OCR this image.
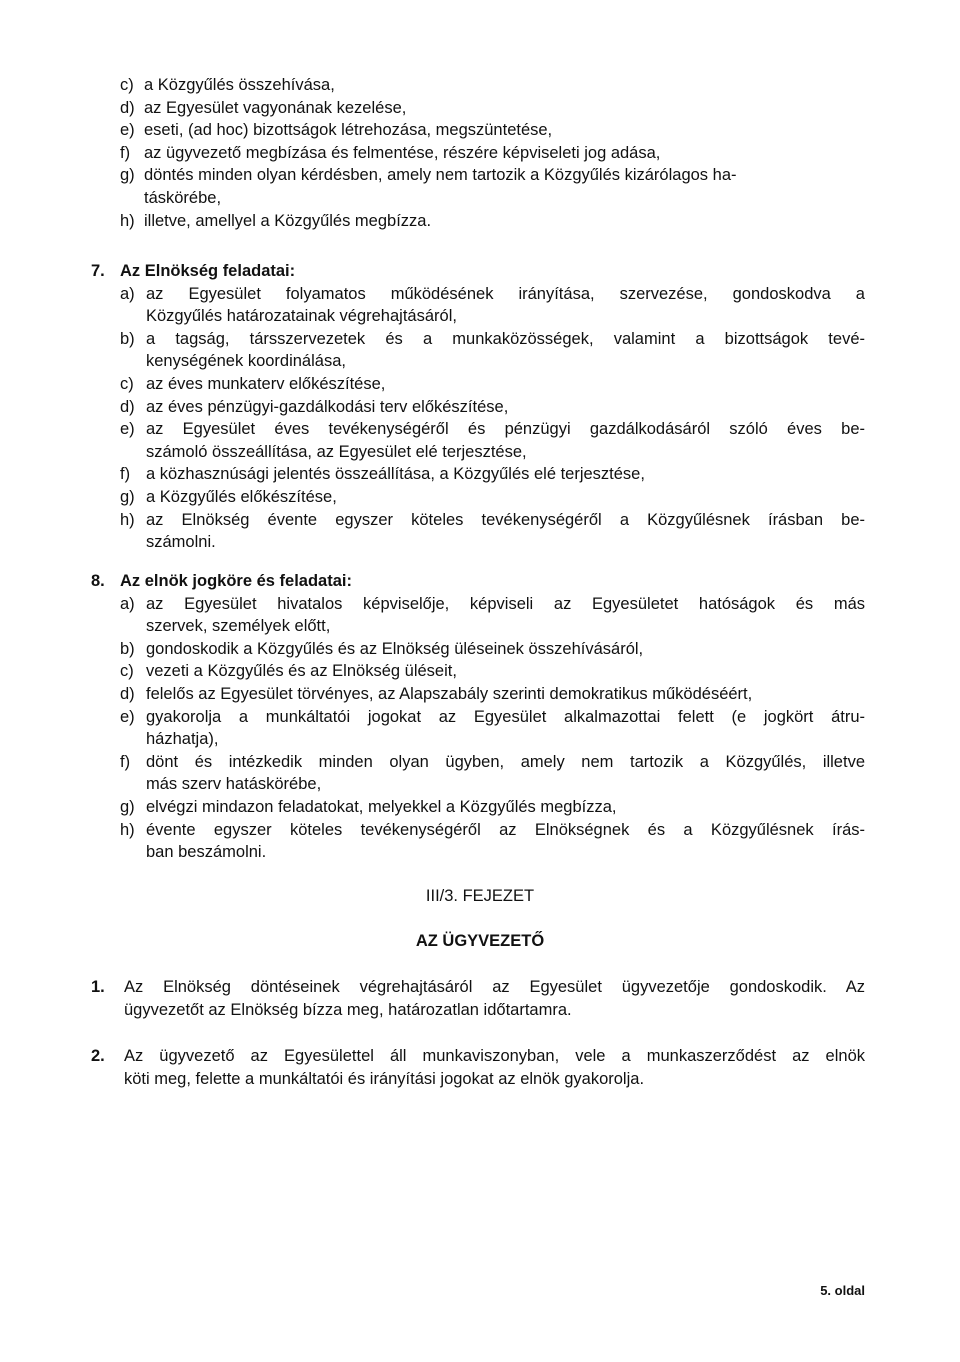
c) a Közgyűlés összehívása,
d) az Egyesület vagyonának kezelése,
e) eseti, (ad hoc) bizottságok létrehozása, megszüntetése,
f) az ügyvezető megbízása és felmentése, részére képviseleti jog adása,
g) döntés minden olyan kérdésben, amely nem tartozik a Közgyűlés kizárólagos ha-
táskörébe,
h) illetve, amellyel a Közgyűlés megbízza.
7. Az Elnökség feladatai:
a) az Egyesület folyamatos működésének irányítása, szervezése, gondoskodva a
Közgyűlés határozatainak végrehajtásáról,
b) a tagság, társszervezetek és a munkaközösségek, valamint a bizottságok tevé-
kenységének koordinálása,
c) az éves munkaterv előkészítése,
d) az éves pénzügyi-gazdálkodási terv előkészítése,
e) az Egyesület éves tevékenységéről és pénzügyi gazdálkodásáról szóló éves be-
számoló összeállítása, az Egyesület elé terjesztése,
f) a közhasznúsági jelentés összeállítása, a Közgyűlés elé terjesztése,
g) a Közgyűlés előkészítése,
h) az Elnökség évente egyszer köteles tevékenységéről a Közgyűlésnek írásban be-
számolni.
8. Az elnök jogköre és feladatai:
a) az Egyesület hivatalos képviselője, képviseli az Egyesületet hatóságok és más
szervek, személyek előtt,
b) gondoskodik a Közgyűlés és az Elnökség üléseinek összehívásáról,
c) vezeti a Közgyűlés és az Elnökség üléseit,
d) felelős az Egyesület törvényes, az Alapszabály szerinti demokratikus működéséért,
e) gyakorolja a munkáltatói jogokat az Egyesület alkalmazottai felett (e jogkört átru-
házhatja),
f) dönt és intézkedik minden olyan ügyben, amely nem tartozik a Közgyűlés, illetve
más szerv hatáskörébe,
g) elvégzi mindazon feladatokat, melyekkel a Közgyűlés megbízza,
h) évente egyszer köteles tevékenységéről az Elnökségnek és a Közgyűlésnek írás-
ban beszámolni.
III/3. FEJEZET
AZ ÜGYVEZETŐ
1. Az Elnökség döntéseinek végrehajtásáról az Egyesület ügyvezetője gondoskodik. Az
ügyvezetőt az Elnökség bízza meg, határozatlan időtartamra.
2. Az ügyvezető az Egyesülettel áll munkaviszonyban, vele a munkaszerződést az elnök
köti meg, felette a munkáltatói és irányítási jogokat az elnök gyakorolja.
5. oldal
